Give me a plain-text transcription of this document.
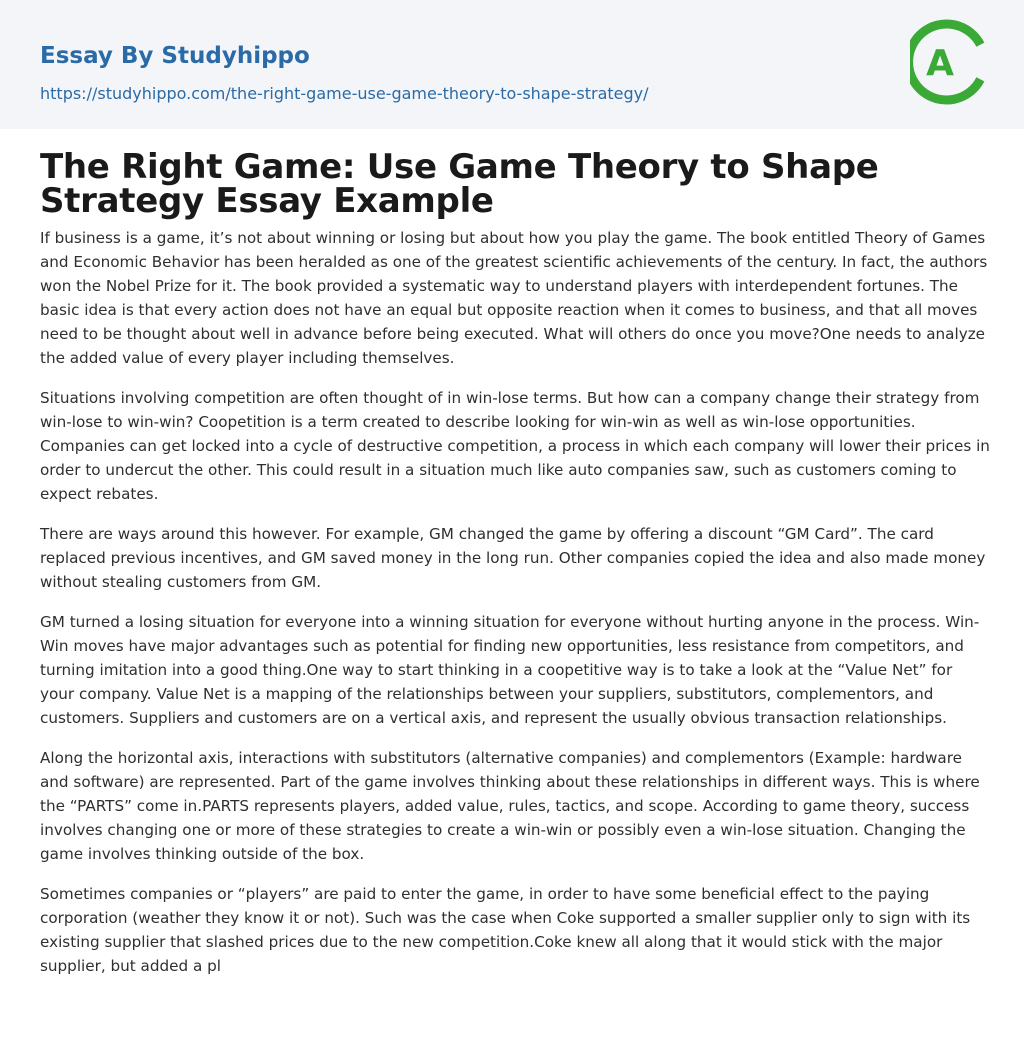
Essay By Studyhippo
https://studyhippo.com/the-right-game-use-game-theory-to-shape-strategy/
A
The Right Game: Use Game Theory to Shape Strategy Essay Example

If business is a game, it’s not about winning or losing but about how you play the game. The book entitled Theory of Games and Economic Behavior has been heralded as one of the greatest scientific achievements of the century. In fact, the authors won the Nobel Prize for it. The book provided a systematic way to understand players with interdependent fortunes. The basic idea is that every action does not have an equal but opposite reaction when it comes to business, and that all moves need to be thought about well in advance before being executed. What will others do once you move?One needs to analyze the added value of every player including themselves.

Situations involving competition are often thought of in win-lose terms. But how can a company change their strategy from win-lose to win-win? Coopetition is a term created to describe looking for win-win as well as win-lose opportunities. Companies can get locked into a cycle of destructive competition, a process in which each company will lower their prices in order to undercut the other. This could result in a situation much like auto companies saw, such as customers coming to expect rebates.

There are ways around this however. For example, GM changed the game by offering a discount “GM Card”. The card replaced previous incentives, and GM saved money in the long run. Other companies copied the idea and also made money without stealing customers from GM.

GM turned a losing situation for everyone into a winning situation for everyone without hurting anyone in the process. Win-Win moves have major advantages such as potential for finding new opportunities, less resistance from competitors, and turning imitation into a good thing.One way to start thinking in a coopetitive way is to take a look at the “Value Net” for your company. Value Net is a mapping of the relationships between your suppliers, substitutors, complementors, and customers. Suppliers and customers are on a vertical axis, and represent the usually obvious transaction relationships.

Along the horizontal axis, interactions with substitutors (alternative companies) and complementors (Example: hardware and software) are represented. Part of the game involves thinking about these relationships in different ways. This is where the “PARTS” come in.PARTS represents players, added value, rules, tactics, and scope. According to game theory, success involves changing one or more of these strategies to create a win-win or possibly even a win-lose situation. Changing the game involves thinking outside of the box.

Sometimes companies or “players” are paid to enter the game, in order to have some beneficial effect to the paying corporation (weather they know it or not). Such was the case when Coke supported a smaller supplier only to sign with its existing supplier that slashed prices due to the new competition.Coke knew all along that it would stick with the major supplier, but added a pl
